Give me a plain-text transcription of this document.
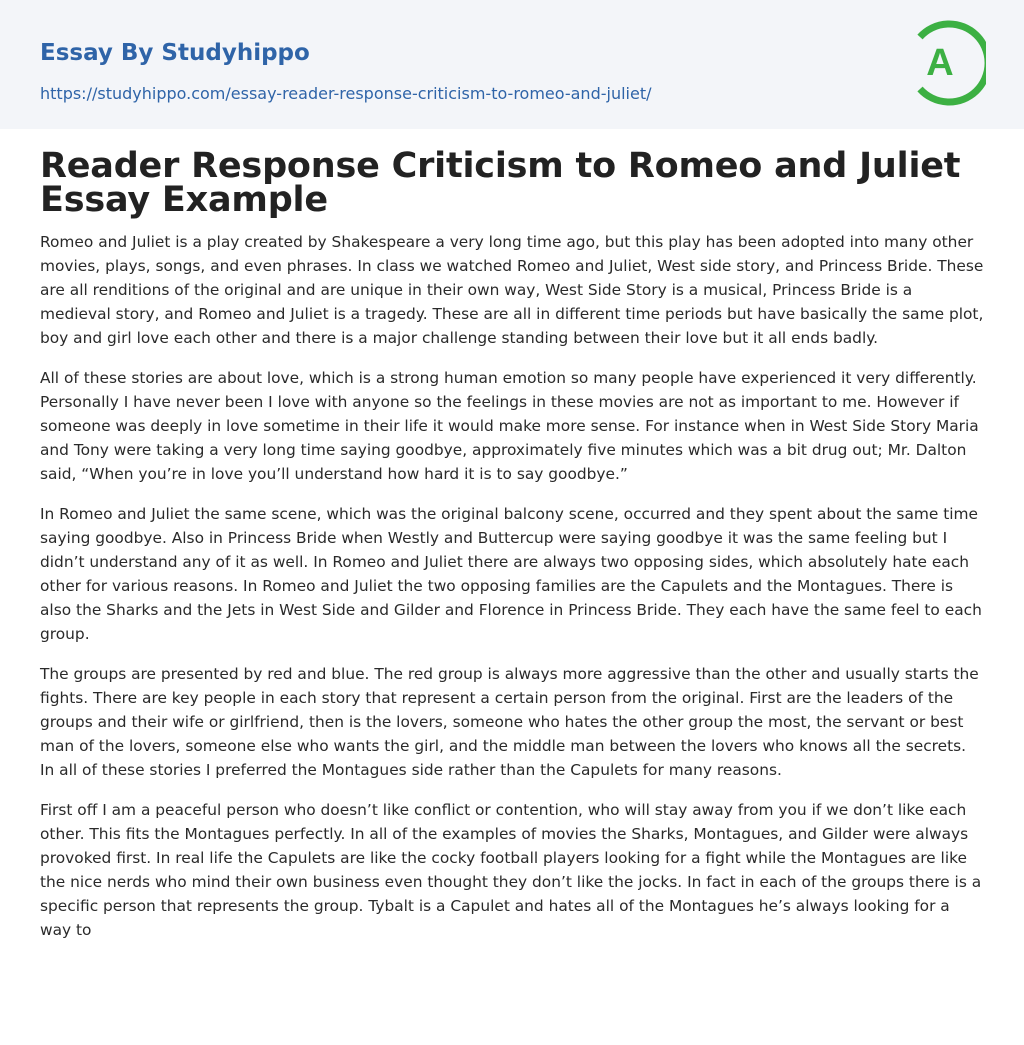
Essay By Studyhippo
https://studyhippo.com/essay-reader-response-criticism-to-romeo-and-juliet/
A
Reader Response Criticism to Romeo and Juliet Essay Example

Romeo and Juliet is a play created by Shakespeare a very long time ago, but this play has been adopted into many other movies, plays, songs, and even phrases. In class we watched Romeo and Juliet, West side story, and Princess Bride. These are all renditions of the original and are unique in their own way, West Side Story is a musical, Princess Bride is a medieval story, and Romeo and Juliet is a tragedy. These are all in different time periods but have basically the same plot, boy and girl love each other and there is a major challenge standing between their love but it all ends badly.

All of these stories are about love, which is a strong human emotion so many people have experienced it very differently. Personally I have never been I love with anyone so the feelings in these movies are not as important to me. However if someone was deeply in love sometime in their life it would make more sense. For instance when in West Side Story Maria and Tony were taking a very long time saying goodbye, approximately five minutes which was a bit drug out; Mr. Dalton said, “When you’re in love you’ll understand how hard it is to say goodbye.”

In Romeo and Juliet the same scene, which was the original balcony scene, occurred and they spent about the same time saying goodbye. Also in Princess Bride when Westly and Buttercup were saying goodbye it was the same feeling but I didn’t understand any of it as well. In Romeo and Juliet there are always two opposing sides, which absolutely hate each other for various reasons. In Romeo and Juliet the two opposing families are the Capulets and the Montagues. There is also the Sharks and the Jets in West Side and Gilder and Florence in Princess Bride. They each have the same feel to each group.

The groups are presented by red and blue. The red group is always more aggressive than the other and usually starts the fights. There are key people in each story that represent a certain person from the original. First are the leaders of the groups and their wife or girlfriend, then is the lovers, someone who hates the other group the most, the servant or best man of the lovers, someone else who wants the girl, and the middle man between the lovers who knows all the secrets. In all of these stories I preferred the Montagues side rather than the Capulets for many reasons.

First off I am a peaceful person who doesn’t like conflict or contention, who will stay away from you if we don’t like each other. This fits the Montagues perfectly. In all of the examples of movies the Sharks, Montagues, and Gilder were always provoked first. In real life the Capulets are like the cocky football players looking for a fight while the Montagues are like the nice nerds who mind their own business even thought they don’t like the jocks. In fact in each of the groups there is a specific person that represents the group. Tybalt is a Capulet and hates all of the Montagues he’s always looking for a way to
